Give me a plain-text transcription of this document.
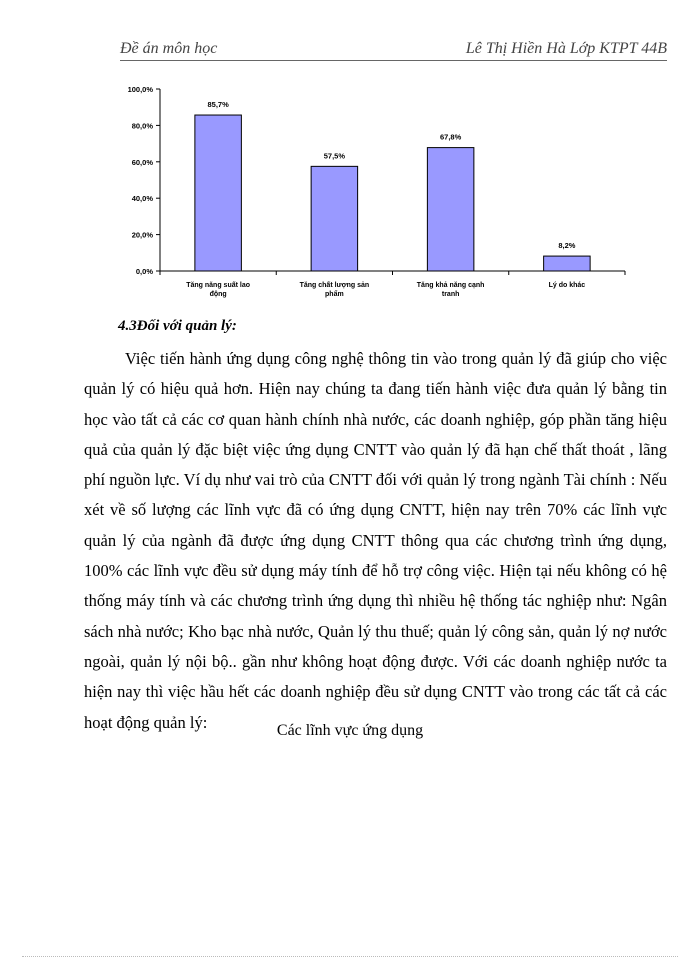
Đề án môn học	Lê Thị Hiền Hà Lớp KTPT 44B
0,0%
20,0%
40,0%
60,0%
80,0%
100,0%
85,7%
Tăng năng suất lao động
57,5%
Tăng chất lượng sản phẩm
67,8%
Tăng khả năng cạnh tranh
8,2%
Lý do khác
4.3Đối với quản lý:
Việc tiến hành ứng dụng công nghệ thông tin vào trong quản lý đã giúp cho việc quản lý có hiệu quả hơn. Hiện nay chúng ta đang tiến hành việc đưa quản lý bằng tin học vào tất cả các cơ quan hành chính nhà nước, các doanh nghiệp, góp phần tăng hiệu quả của quản lý đặc biệt việc ứng dụng CNTT vào quản lý đã hạn chế thất thoát , lãng phí nguồn lực. Ví dụ như vai trò của CNTT đối với quản lý trong ngành Tài chính : Nếu xét về số lượng các lĩnh vực đã có ứng dụng CNTT, hiện nay trên 70% các lĩnh vực quản lý của ngành đã được ứng dụng CNTT thông qua các chương trình ứng dụng, 100% các lĩnh vực đều sử dụng máy tính để hỗ trợ công việc. Hiện tại nếu không có hệ thống máy tính và các chương trình ứng dụng thì nhiều hệ thống tác nghiệp như: Ngân sách nhà nước; Kho bạc nhà nước, Quản lý thu thuế; quản lý công sản, quản lý nợ nước ngoài, quản lý nội bộ.. gần như không hoạt động được. Với các doanh nghiệp nước ta hiện nay thì việc hầu hết các doanh nghiệp đều sử dụng CNTT vào trong các tất cả các hoạt động quản lý:	Các lĩnh vực ứng dụng
